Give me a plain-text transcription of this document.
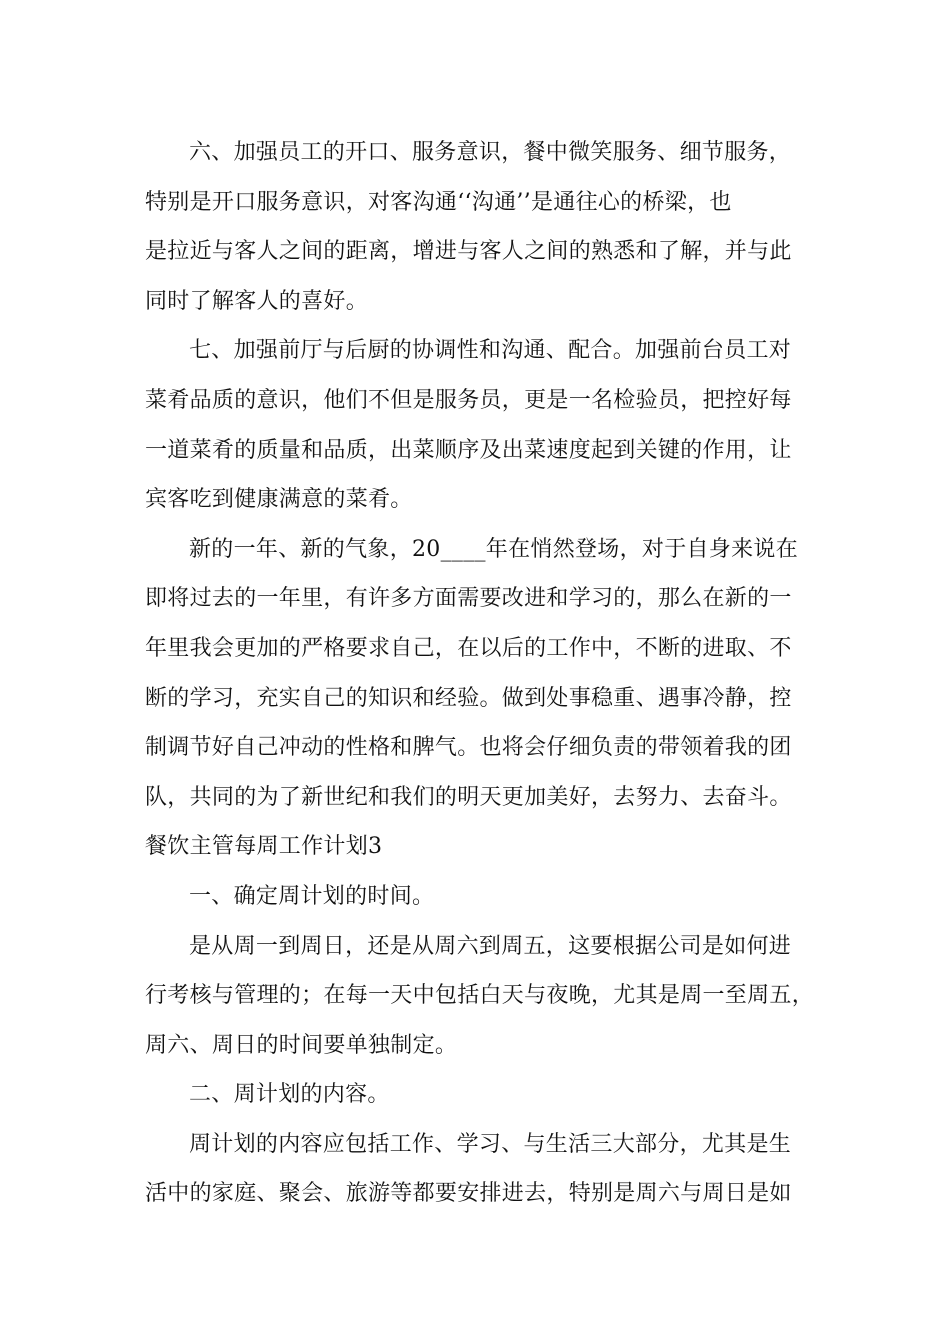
六、加强员工的开口、服务意识，餐中微笑服务、细节服务，
特别是开口服务意识，对客沟通‘‘沟通’’是通往心的桥梁，也
是拉近与客人之间的距离，增进与客人之间的熟悉和了解，并与此
同时了解客人的喜好。
七、加强前厅与后厨的协调性和沟通、配合。加强前台员工对
菜肴品质的意识，他们不但是服务员，更是一名检验员，把控好每
一道菜肴的质量和品质，出菜顺序及出菜速度起到关键的作用，让
宾客吃到健康满意的菜肴。
新的一年、新的气象，20____年在悄然登场，对于自身来说在
即将过去的一年里，有许多方面需要改进和学习的，那么在新的一
年里我会更加的严格要求自己，在以后的工作中，不断的进取、不
断的学习，充实自己的知识和经验。做到处事稳重、遇事冷静，控
制调节好自己冲动的性格和脾气。也将会仔细负责的带领着我的团
队，共同的为了新世纪和我们的明天更加美好，去努力、去奋斗。
餐饮主管每周工作计划3
一、确定周计划的时间。
是从周一到周日，还是从周六到周五，这要根据公司是如何进
行考核与管理的；在每一天中包括白天与夜晚，尤其是周一至周五，
周六、周日的时间要单独制定。
二、周计划的内容。
周计划的内容应包括工作、学习、与生活三大部分，尤其是生
活中的家庭、聚会、旅游等都要安排进去，特别是周六与周日是如
